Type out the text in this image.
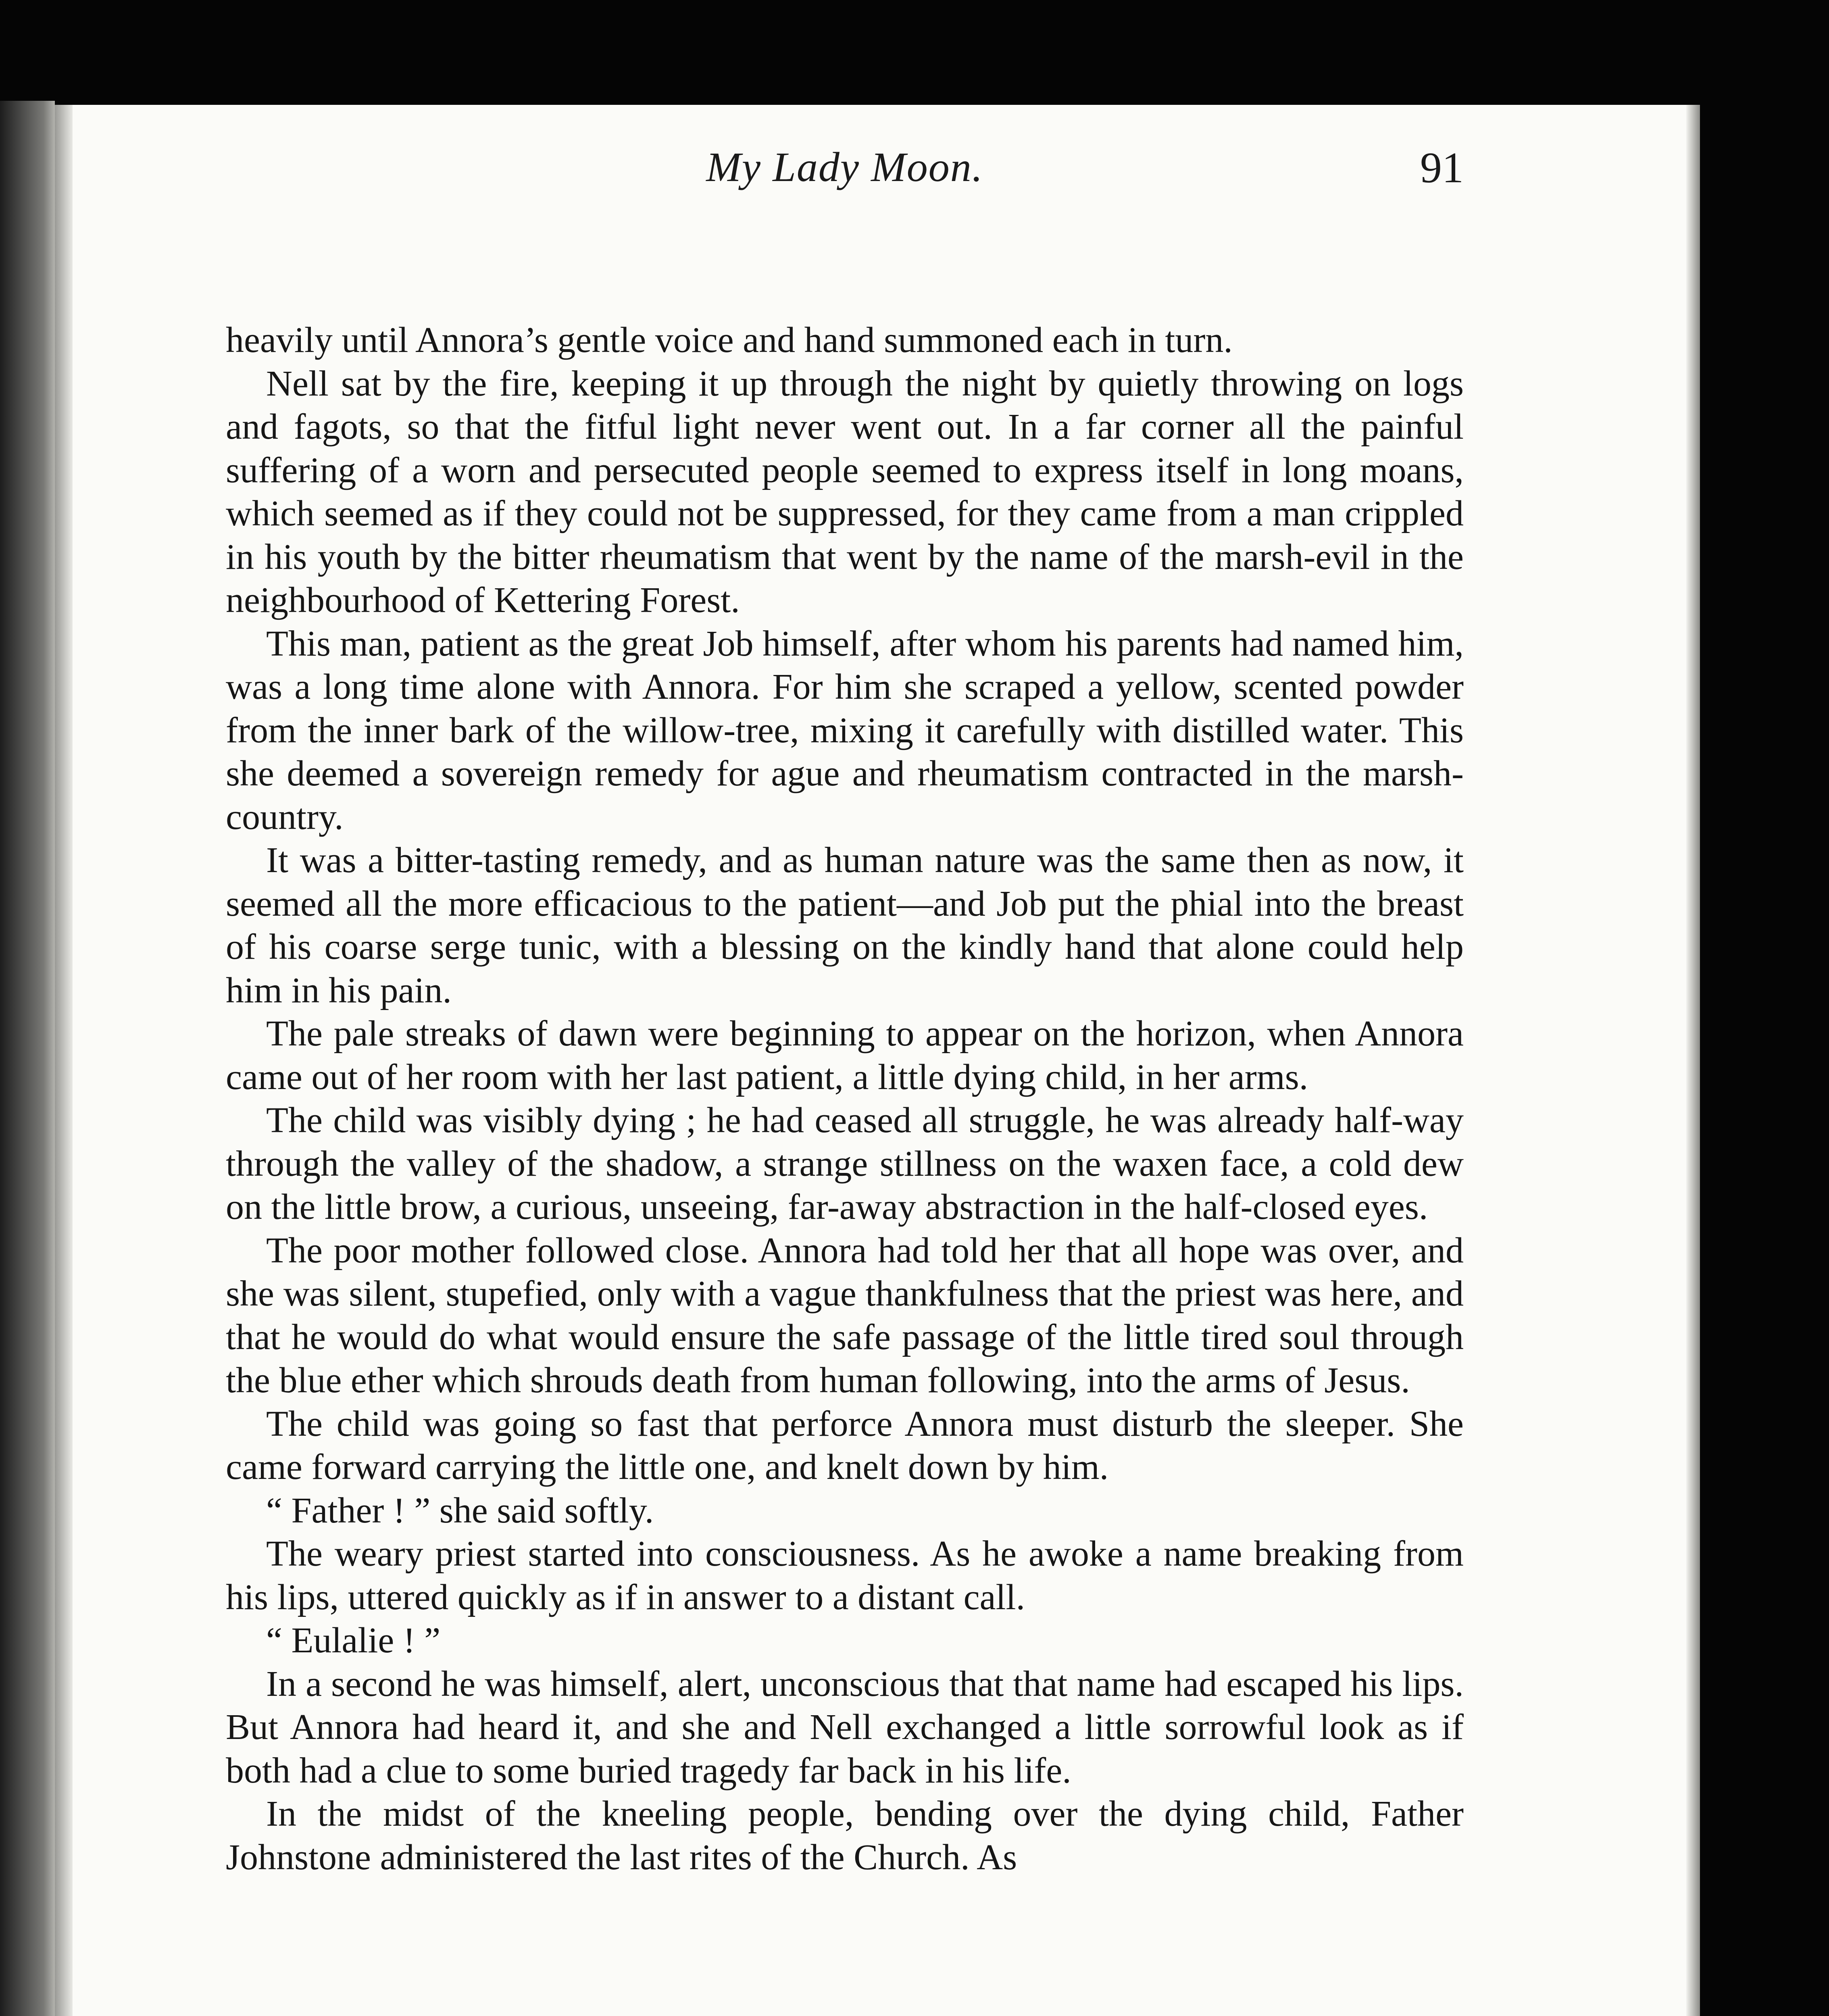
My Lady Moon.	91

heavily until Annora’s gentle voice and hand summoned each in turn.

Nell sat by the fire, keeping it up through the night by quietly throwing on logs and fagots, so that the fitful light never went out. In a far corner all the painful suffering of a worn and persecuted people seemed to express itself in long moans, which seemed as if they could not be suppressed, for they came from a man crippled in his youth by the bitter rheumatism that went by the name of the marsh-evil in the neighbourhood of Kettering Forest.

This man, patient as the great Job himself, after whom his parents had named him, was a long time alone with Annora. For him she scraped a yellow, scented powder from the inner bark of the willow-tree, mixing it carefully with distilled water. This she deemed a sovereign remedy for ague and rheumatism contracted in the marsh-country.

It was a bitter-tasting remedy, and as human nature was the same then as now, it seemed all the more efficacious to the patient—and Job put the phial into the breast of his coarse serge tunic, with a blessing on the kindly hand that alone could help him in his pain.

The pale streaks of dawn were beginning to appear on the horizon, when Annora came out of her room with her last patient, a little dying child, in her arms.

The child was visibly dying ; he had ceased all struggle, he was already half-way through the valley of the shadow, a strange stillness on the waxen face, a cold dew on the little brow, a curious, unseeing, far-away abstraction in the half-closed eyes.

The poor mother followed close. Annora had told her that all hope was over, and she was silent, stupefied, only with a vague thankfulness that the priest was here, and that he would do what would ensure the safe passage of the little tired soul through the blue ether which shrouds death from human following, into the arms of Jesus.

The child was going so fast that perforce Annora must disturb the sleeper. She came forward carrying the little one, and knelt down by him.

“ Father ! ” she said softly.

The weary priest started into consciousness. As he awoke a name breaking from his lips, uttered quickly as if in answer to a distant call.

“ Eulalie ! ”

In a second he was himself, alert, unconscious that that name had escaped his lips. But Annora had heard it, and she and Nell exchanged a little sorrowful look as if both had a clue to some buried tragedy far back in his life.

In the midst of the kneeling people, bending over the dying child, Father Johnstone administered the last rites of the Church. As
